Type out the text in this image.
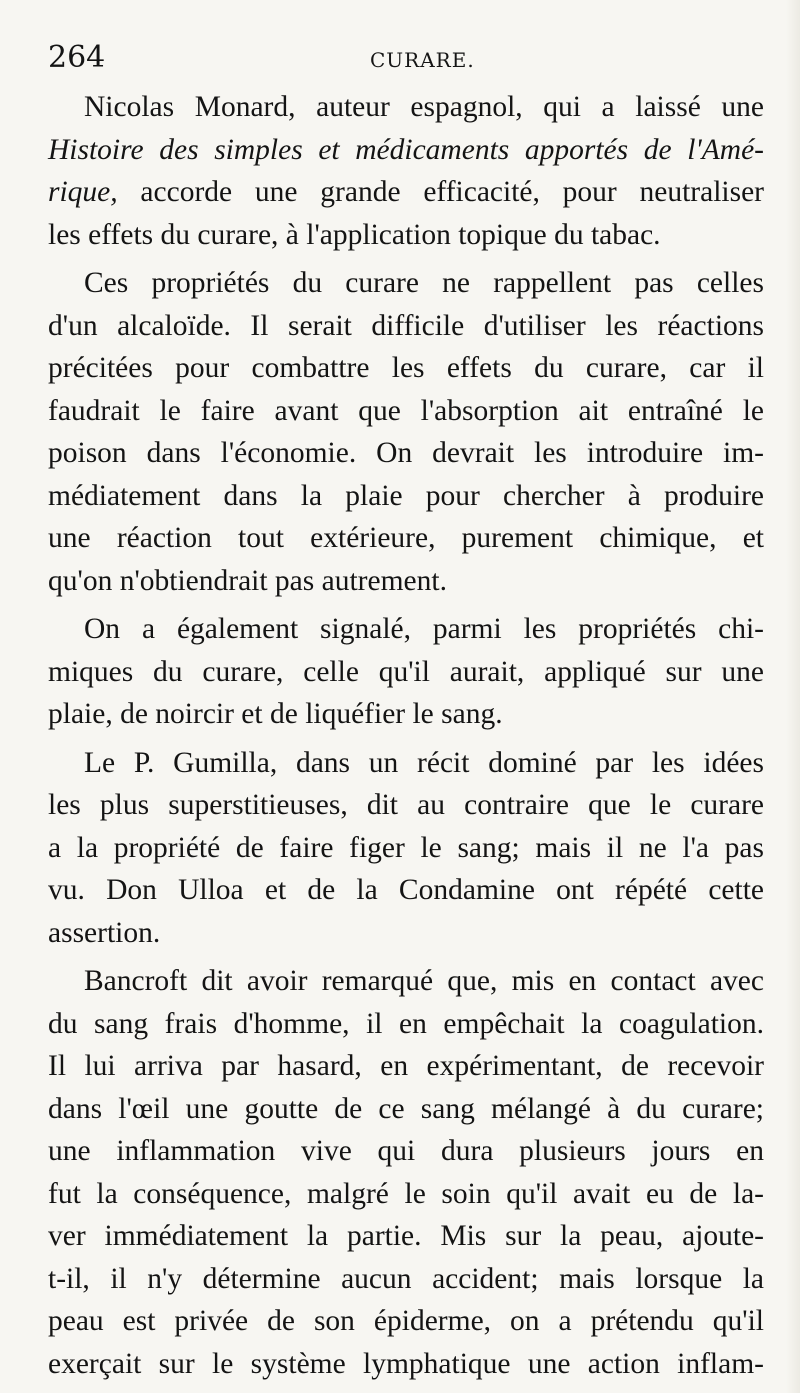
264	CURARE.
Nicolas Monard, auteur espagnol, qui a laissé une
Histoire des simples et médicaments apportés de l'Amé-
rique, accorde une grande efficacité, pour neutraliser
les effets du curare, à l'application topique du tabac.
Ces propriétés du curare ne rappellent pas celles
d'un alcaloïde. Il serait difficile d'utiliser les réactions
précitées pour combattre les effets du curare, car il
faudrait le faire avant que l'absorption ait entraîné le
poison dans l'économie. On devrait les introduire im-
médiatement dans la plaie pour chercher à produire
une réaction tout extérieure, purement chimique, et
qu'on n'obtiendrait pas autrement.
On a également signalé, parmi les propriétés chi-
miques du curare, celle qu'il aurait, appliqué sur une
plaie, de noircir et de liquéfier le sang.
Le P. Gumilla, dans un récit dominé par les idées
les plus superstitieuses, dit au contraire que le curare
a la propriété de faire figer le sang; mais il ne l'a pas
vu. Don Ulloa et de la Condamine ont répété cette
assertion.
Bancroft dit avoir remarqué que, mis en contact avec
du sang frais d'homme, il en empêchait la coagulation.
Il lui arriva par hasard, en expérimentant, de recevoir
dans l'œil une goutte de ce sang mélangé à du curare;
une inflammation vive qui dura plusieurs jours en
fut la conséquence, malgré le soin qu'il avait eu de la-
ver immédiatement la partie. Mis sur la peau, ajoute-
t-il, il n'y détermine aucun accident; mais lorsque la
peau est privée de son épiderme, on a prétendu qu'il
exerçait sur le système lymphatique une action inflam-
